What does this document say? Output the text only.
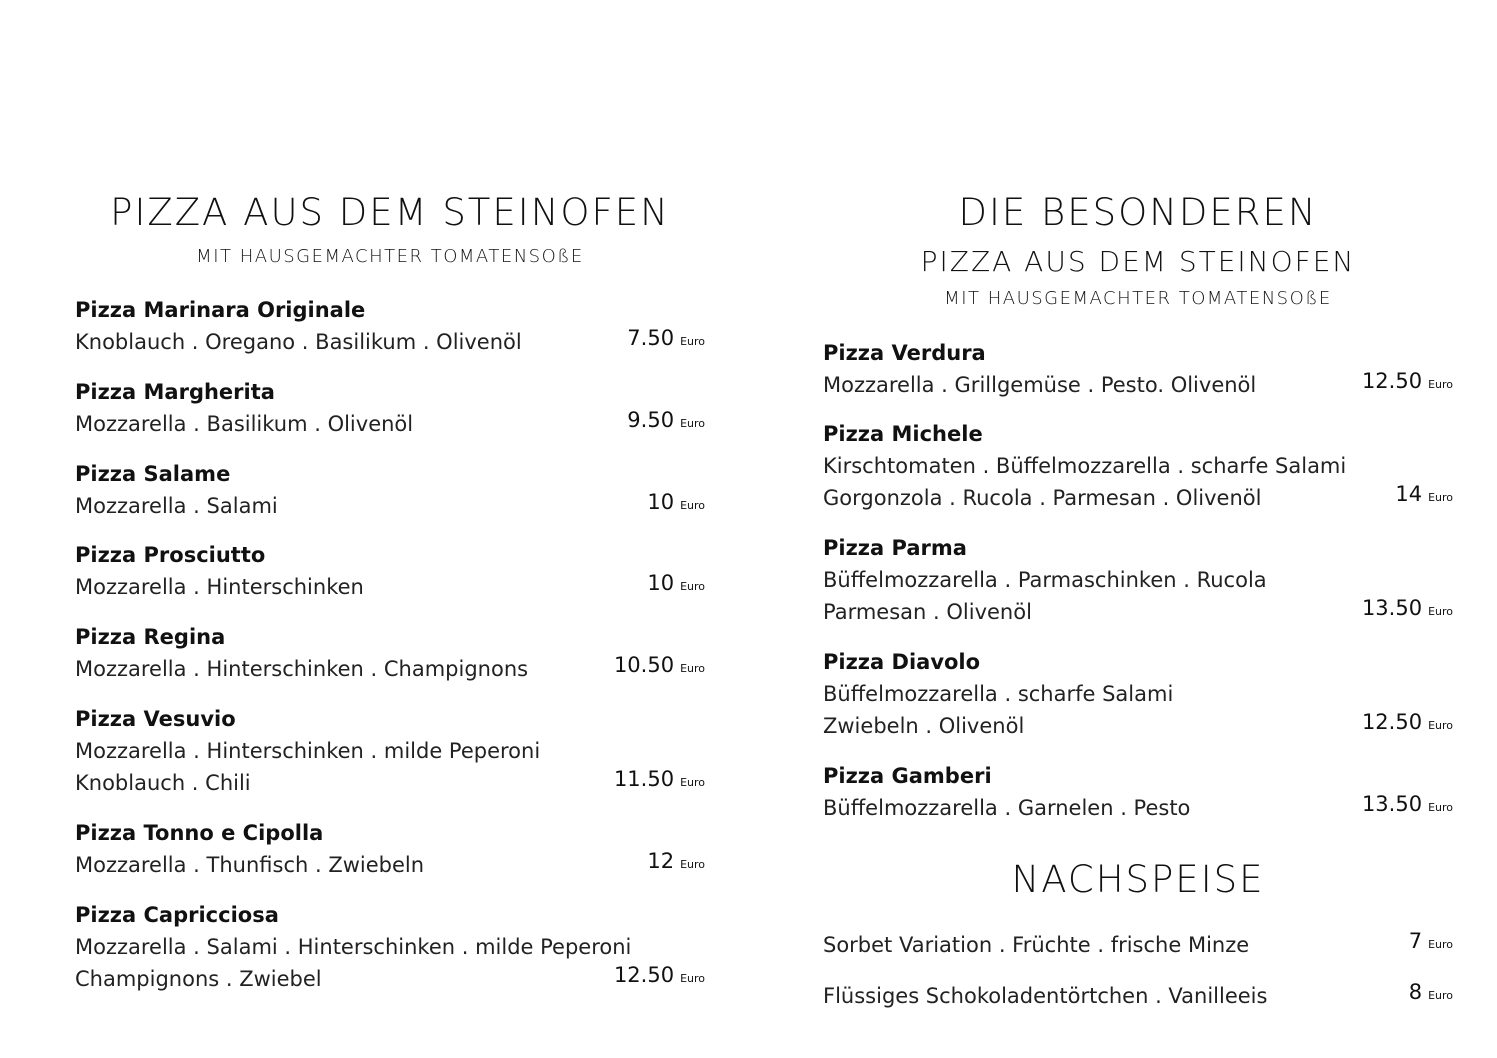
PIZZA AUS DEM STEINOFEN
MIT HAUSGEMACHTER TOMATENSOßE
Pizza Marinara Originale
Knoblauch . Oregano . Basilikum . Olivenöl	7.50 Euro
Pizza Margherita
Mozzarella . Basilikum . Olivenöl	9.50 Euro
Pizza Salame
Mozzarella . Salami	10 Euro
Pizza Prosciutto
Mozzarella . Hinterschinken	10 Euro
Pizza Regina
Mozzarella . Hinterschinken . Champignons	10.50 Euro
Pizza Vesuvio
Mozzarella . Hinterschinken . milde Peperoni
Knoblauch . Chili	11.50 Euro
Pizza Tonno e Cipolla
Mozzarella . Thunfisch . Zwiebeln	12 Euro
Pizza Capricciosa
Mozzarella . Salami . Hinterschinken . milde Peperoni
Champignons . Zwiebel	12.50 Euro
DIE BESONDEREN
PIZZA AUS DEM STEINOFEN
MIT HAUSGEMACHTER TOMATENSOßE
Pizza Verdura
Mozzarella . Grillgemüse . Pesto. Olivenöl	12.50 Euro
Pizza Michele
Kirschtomaten . Büffelmozzarella . scharfe Salami
Gorgonzola . Rucola . Parmesan . Olivenöl	14 Euro
Pizza Parma
Büffelmozzarella . Parmaschinken . Rucola
Parmesan . Olivenöl	13.50 Euro
Pizza Diavolo
Büffelmozzarella . scharfe Salami
Zwiebeln . Olivenöl	12.50 Euro
Pizza Gamberi
Büffelmozzarella . Garnelen . Pesto	13.50 Euro
NACHSPEISE
Sorbet Variation . Früchte . frische Minze	7 Euro
Flüssiges Schokoladentörtchen . Vanilleeis	8 Euro
